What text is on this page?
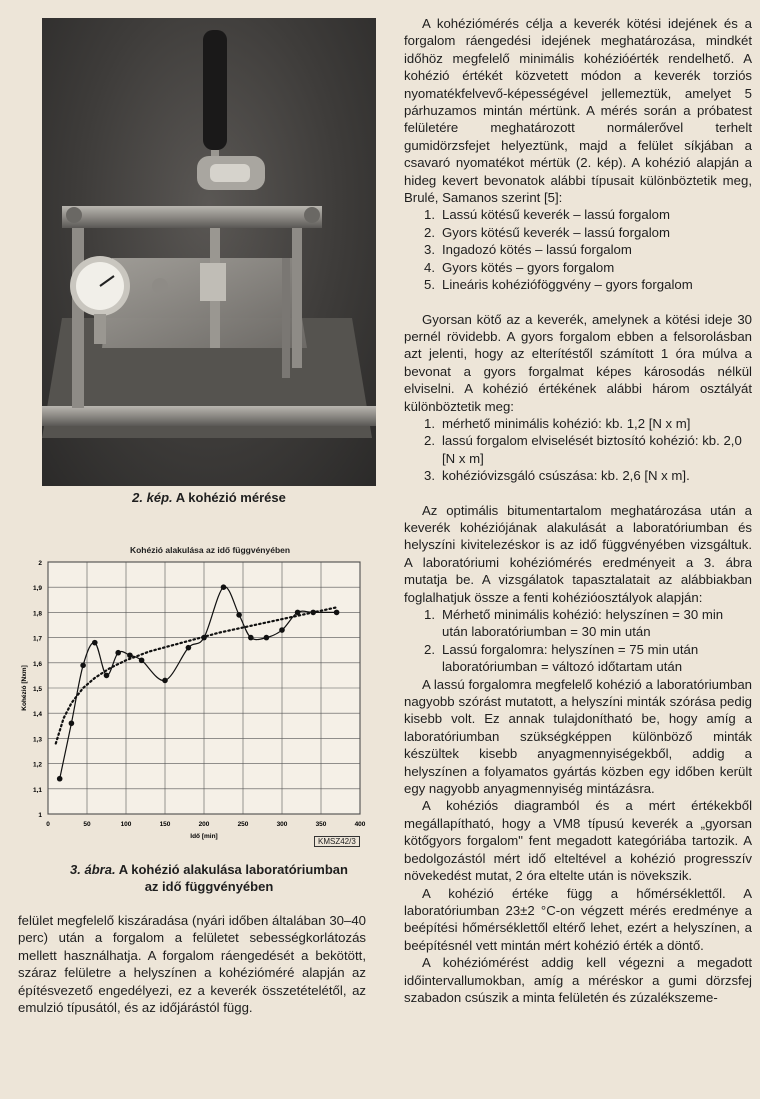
2. kép. A kohézió mérése
Kohézió alakulása az idő függvényében
1
1,1
1,2
1,3
1,4
1,5
1,6
1,7
1,8
1,9
2
0	50	100	150	200	250	300	350	400
Idő [min]
Kohézió [Nxm]
KMSZ42/3
3. ábra. A kohézió alakulása laboratóriumban
az idő függvényében

felület megfelelő kiszáradása (nyári időben általában 30–40 perc) után a forgalom a felületet sebességkorlátozás mellett használhatja. A forgalom ráengedését a bekötött, száraz felületre a helyszínen a kohézióméré alapján az építésvezető engedélyezi, ez a keverék összetételétől, az emulzió típusától, és az időjárástól függ.

A kohéziómérés célja a keverék kötési idejének és a forgalom ráengedési idejének meghatározása, mindkét időhöz megfelelő minimális kohézióérték rendelhető. A kohézió értékét közvetett módon a keverék torziós nyomatékfelvevő-képességével jellemeztük, amelyet 5 párhuzamos mintán mértünk. A mérés során a próbatest felületére meghatározott normálerővel terhelt gumidörzsfejet helyeztünk, majd a felület síkjában a csavaró nyomatékot mértük (2. kép). A kohézió alapján a hideg kevert bevonatok alábbi típusait különböztetik meg, Brulé, Samanos szerint [5]:

1. Lassú kötésű keverék – lassú forgalom
2. Gyors kötésű keverék – lassú forgalom
3. Ingadozó kötés – lassú forgalom
4. Gyors kötés – gyors forgalom
5. Lineáris kohézióföggvény – gyors forgalom

Gyorsan kötő az a keverék, amelynek a kötési ideje 30 pernél rövidebb. A gyors forgalom ebben a felsorolásban azt jelenti, hogy az elterítéstől számított 1 óra múlva a bevonat a gyors forgalmat képes károsodás nélkül elviselni. A kohézió értékének alábbi három osztályát különböztetik meg:

1. mérhető minimális kohézió: kb. 1,2 [N x m]
2. lassú forgalom elviselését biztosító kohézió: kb. 2,0 [N x m]
3. kohézióvizsgáló csúszása: kb. 2,6 [N x m].

Az optimális bitumentartalom meghatározása után a keverék kohéziójának alakulását a laboratóriumban és helyszíni kivitelezéskor is az idő függvényében vizsgáltuk. A laboratóriumi kohéziómérés eredményeit a 3. ábra mutatja be. A vizsgálatok tapasztalatait az alábbiakban foglalhatjuk össze a fenti kohézióosztályok alapján:

1. Mérhető minimális kohézió: helyszínen = 30 min után laboratóriumban = 30 min után
2. Lassú forgalomra: helyszínen = 75 min után laboratóriumban = változó időtartam után

A lassú forgalomra megfelelő kohézió a laboratóriumban nagyobb szórást mutatott, a helyszíni minták szórása pedig kisebb volt. Ez annak tulajdonítható be, hogy amíg a laboratóriumban szükségképpen különböző minták készültek kisebb anyagmennyiségekből, addig a helyszínen a folyamatos gyártás közben egy időben került egy nagyobb anyagmennyiség mintázásra.

A kohéziós diagramból és a mért értékekből megállapítható, hogy a VM8 típusú keverék a „gyorsan kötőgyors forgalom" fent megadott kategóriába tartozik. A bedolgozástól mért idő elteltével a kohézió progresszív növekedést mutat, 2 óra eltelte után is növekszik.

A kohézió értéke függ a hőmérséklettől. A laboratóriumban 23±2 °C-on végzett mérés eredménye a beépítési hőmérséklettől eltérő lehet, ezért a helyszínen, a beépítésnél vett mintán mért kohézió érték a döntő.

A kohéziómérést addig kell végezni a megadott időintervallumokban, amíg a méréskor a gumi dörzsfej szabadon csúszik a minta felületén és zúzalékszeme-
